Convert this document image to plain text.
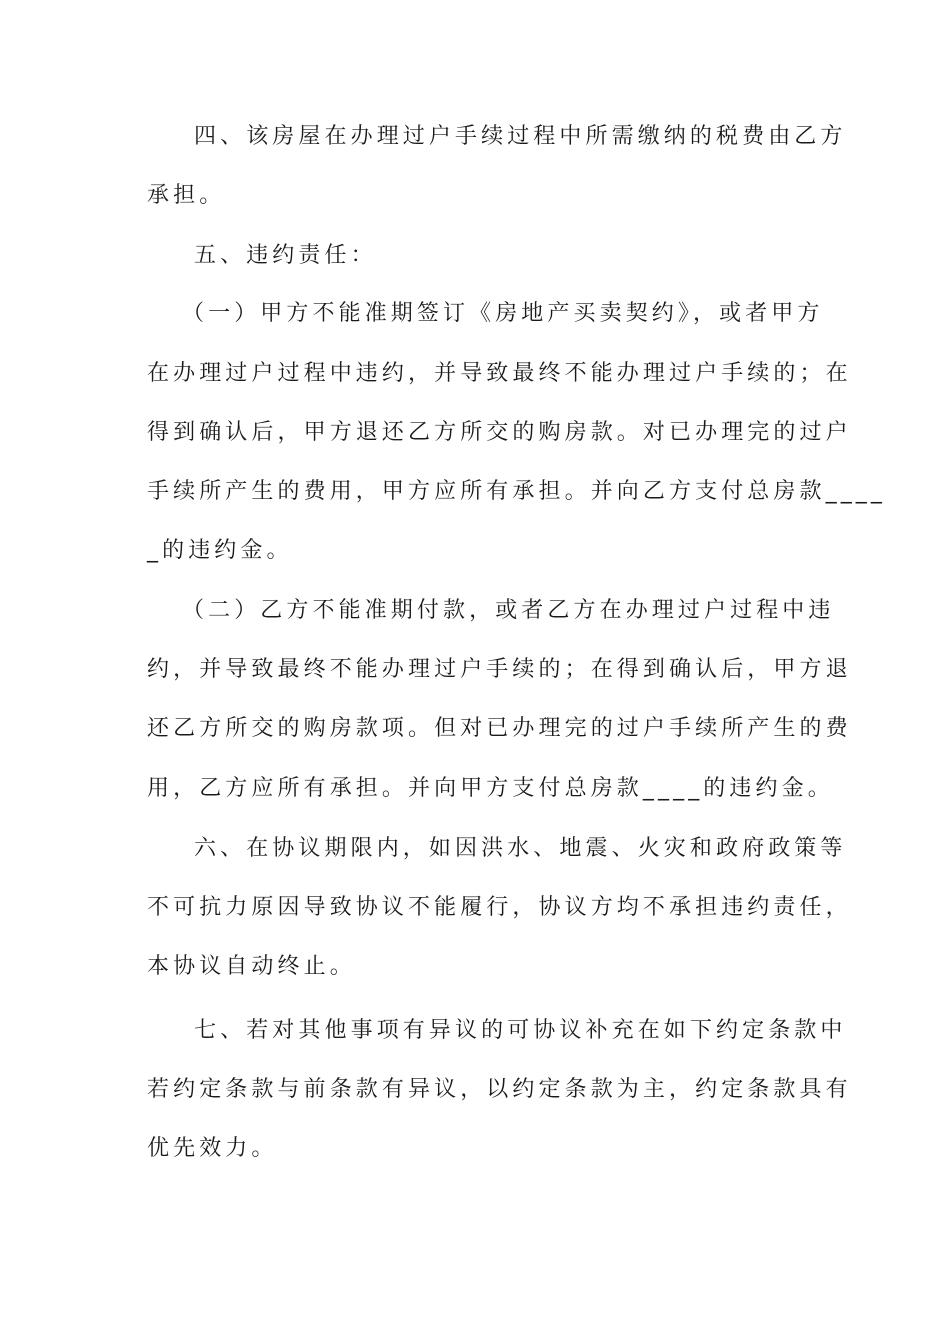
四、该房屋在办理过户手续过程中所需缴纳的税费由乙方
承担。
五、违约责任：
（一）甲方不能准期签订《房地产买卖契约》，或者甲方
在办理过户过程中违约，并导致最终不能办理过户手续的；在
得到确认后，甲方退还乙方所交的购房款。对已办理完的过户
手续所产生的费用，甲方应所有承担。并向乙方支付总房款____
_的违约金。
（二）乙方不能准期付款，或者乙方在办理过户过程中违
约，并导致最终不能办理过户手续的；在得到确认后，甲方退
还乙方所交的购房款项。但对已办理完的过户手续所产生的费
用，乙方应所有承担。并向甲方支付总房款____的违约金。
六、在协议期限内，如因洪水、地震、火灾和政府政策等
不可抗力原因导致协议不能履行，协议方均不承担违约责任，
本协议自动终止。
七、若对其他事项有异议的可协议补充在如下约定条款中
若约定条款与前条款有异议，以约定条款为主，约定条款具有
优先效力。
